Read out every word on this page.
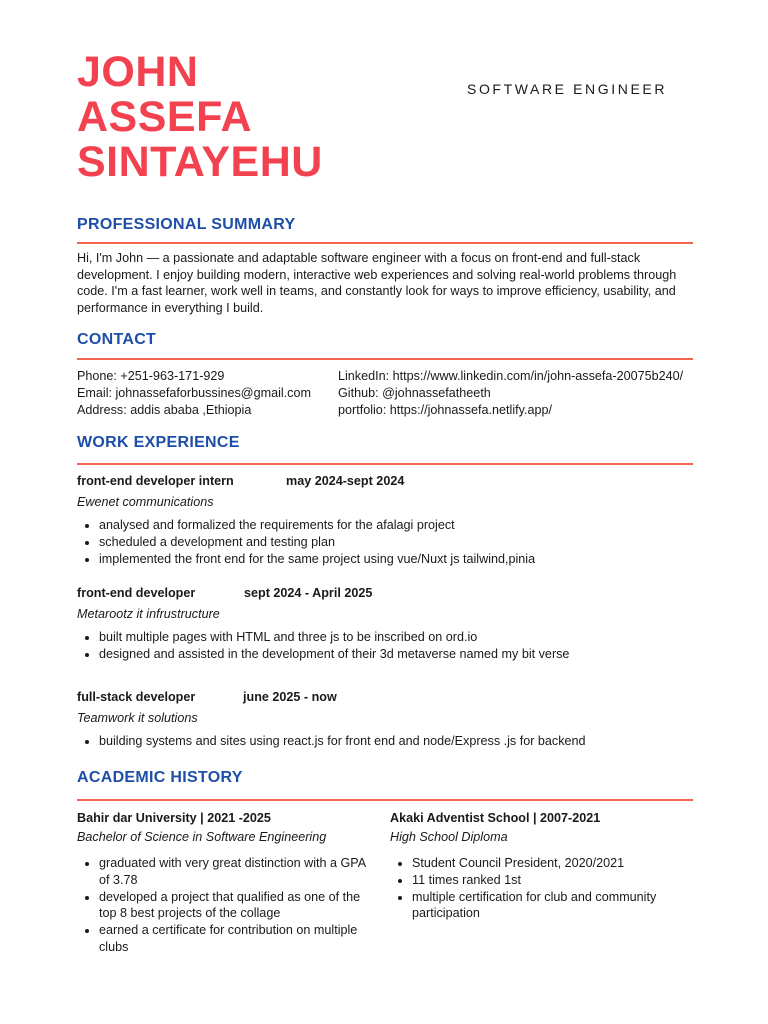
JOHN
ASSEFA
SINTAYEHU
SOFTWARE ENGINEER
PROFESSIONAL SUMMARY

Hi, I'm John — a passionate and adaptable software engineer with a focus on front-end and full-stack development. I enjoy building modern, interactive web experiences and solving real-world problems through code. I'm a fast learner, work well in teams, and constantly look for ways to improve efficiency, usability, and performance in everything I build.

CONTACT
Phone: +251-963-171-929
Email: johnassefaforbussines@gmail.com
Address: addis ababa ,Ethiopia
LinkedIn: https://www.linkedin.com/in/john-assefa-20075b240/
Github: @johnassefatheeth
portfolio: https://johnassefa.netlify.app/
WORK EXPERIENCE
front-end developer intern	may 2024-sept 2024
Ewenet communications
• analysed and formalized the requirements for the afalagi project
• scheduled a development and testing plan
• implemented the front end for the same project using vue/Nuxt js tailwind,pinia
front-end developer	sept 2024 - April 2025
Metarootz it infrustructure
• built multiple pages with HTML and three js to be inscribed on ord.io
• designed and assisted in the development of their 3d metaverse named my bit verse
full-stack developer	june 2025 - now
Teamwork it solutions
• building systems and sites using react.js for front end and node/Express .js for backend
ACADEMIC HISTORY
Bahir dar University | 2021 -2025
Bachelor of Science in Software Engineering
• graduated with very great distinction with a GPA of 3.78
• developed a project that qualified as one of the top 8 best projects of the collage
• earned a certificate for contribution on multiple clubs
Akaki Adventist School | 2007-2021
High School Diploma
• Student Council President, 2020/2021
• 11 times ranked 1st
• multiple certification for club and community participation
